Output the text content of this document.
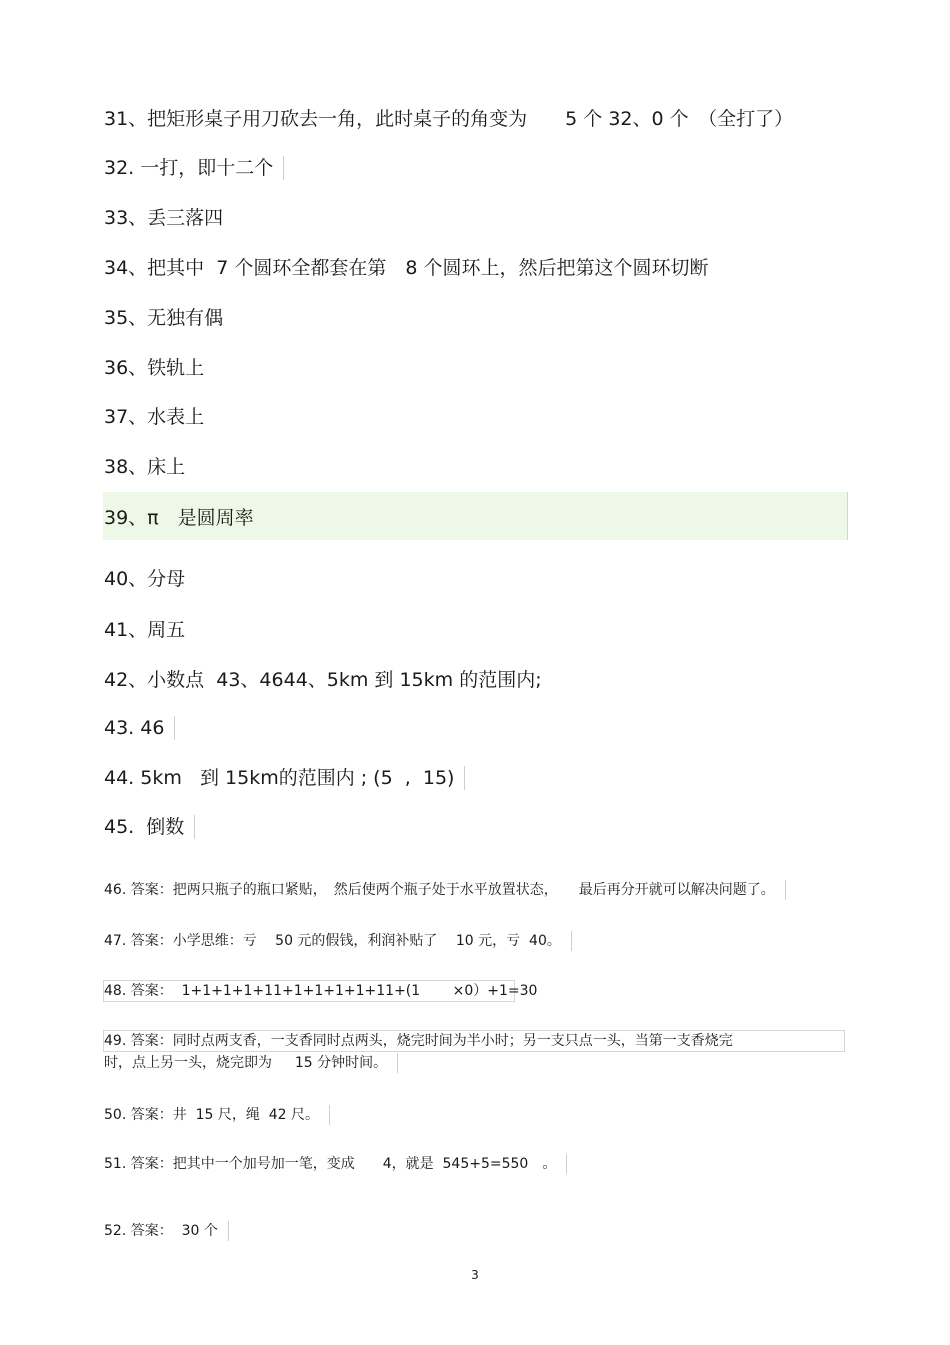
31、把矩形桌子用刀砍去一角，此时桌子的角变为　　5 个 32、0 个　（全打了）
32. 一打，即十二个
33、丢三落四
34、把其中  7 个圆环全都套在第　8 个圆环上，然后把第这个圆环切断
35、无独有偶
36、铁轨上
37、水表上
38、床上
39、π　是圆周率
40、分母
41、周五
42、小数点  43、4644、5km 到 15km 的范围内;
43. 46
44. 5km   到 15km的范围内 ; (5  ,  15)
45.  倒数
46. 答案：把两只瓶子的瓶口紧贴，　然后使两个瓶子处于水平放置状态，　　最后再分开就可以解决问题了。
47. 答案：小学思维：亏　 50 元的假钱，利润补贴了　 10 元，亏  40。
48. 答案：  1+1+1+1+11+1+1+1+1+11+(1　　 ×0）+1=30
49. 答案：同时点两支香，一支香同时点两头，烧完时间为半小时；另一支只点一头，当第一支香烧完
时，点上另一头，烧完即为　  15 分钟时间。
50. 答案：井  15 尺，绳  42 尺。
51. 答案：把其中一个加号加一笔，变成　　4，就是  545+5=550　。
52. 答案：  30 个
3
